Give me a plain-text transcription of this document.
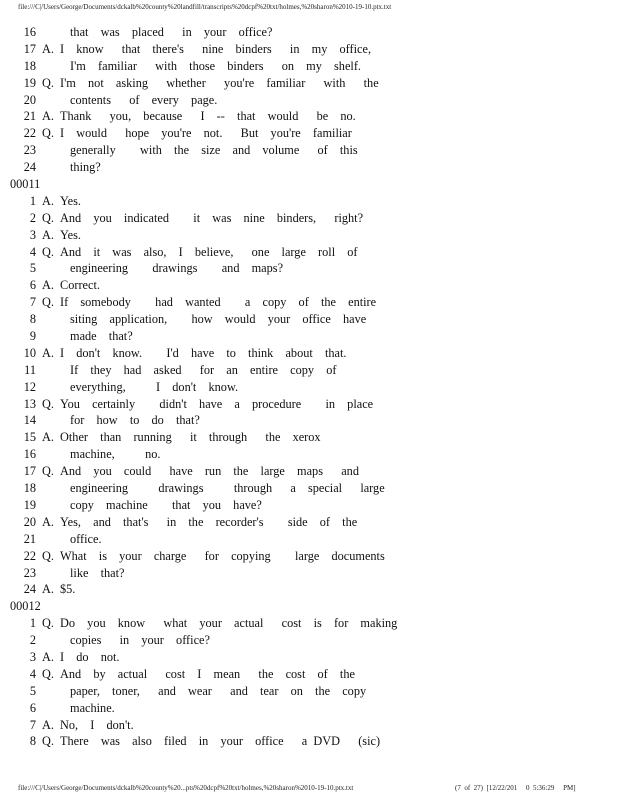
file:///C|/Users/George/Documents/dckalb%20county%20landfill/transcripts%20dcpf%20txt/holmes,%20sharon%2010-19-10.ptx.txt
16	that  was  placed   in  your  office?
17 A. I  know   that  there's   nine  binders   in  my  office,
18	I'm  familiar   with  those  binders   on  my  shelf.
19 Q. I'm  not  asking   whether   you're  familiar   with   the
20	contents   of  every  page.
21 A. Thank   you,  because   I  --  that  would   be  no.
22 Q. I  would   hope  you're  not.   But  you're  familiar
23	generally    with  the  size  and  volume   of  this
24	thing?
00011
1 A. Yes.
2 Q. And  you  indicated    it  was  nine  binders,   right?
3 A. Yes.
4 Q. And  it  was  also,  I  believe,   one  large  roll  of
5	engineering    drawings    and  maps?
6 A. Correct.
7 Q. If  somebody    had  wanted    a  copy  of  the  entire
8	siting  application,    how  would  your  office  have
9	made  that?
10 A. I  don't  know.    I'd  have  to  think  about  that.
11	If  they  had  asked   for  an  entire  copy  of
12	everything,     I  don't  know.
13 Q. You  certainly    didn't  have  a  procedure    in  place
14	for  how  to  do  that?
15 A. Other  than  running   it  through   the  xerox
16	machine,     no.
17 Q. And  you  could   have  run  the  large  maps   and
18	engineering     drawings     through   a  special   large
19	copy  machine    that  you  have?
20 A. Yes,  and  that's   in  the  recorder's    side  of  the
21	office.
22 Q. What  is  your  charge   for  copying    large  documents
23	like  that?
24 A. $5.
00012
1 Q. Do  you  know   what  your  actual   cost  is  for  making
2	copies   in  your  office?
3 A. I  do  not.
4 Q. And  by  actual   cost  I  mean   the  cost  of  the
5	paper,  toner,   and  wear   and  tear  on  the  copy
6	machine.
7 A. No,  I  don't.
8 Q. There  was  also  filed  in  your  office   a DVD   (sic)
file:///C|/Users/George/Documents/dckalb%20county%20...pts%20dcpf%20txt/holmes,%20sharon%2010-19-10.ptx.txt	(7  of  27)  [12/22/201     0  5:36:29     PM]
